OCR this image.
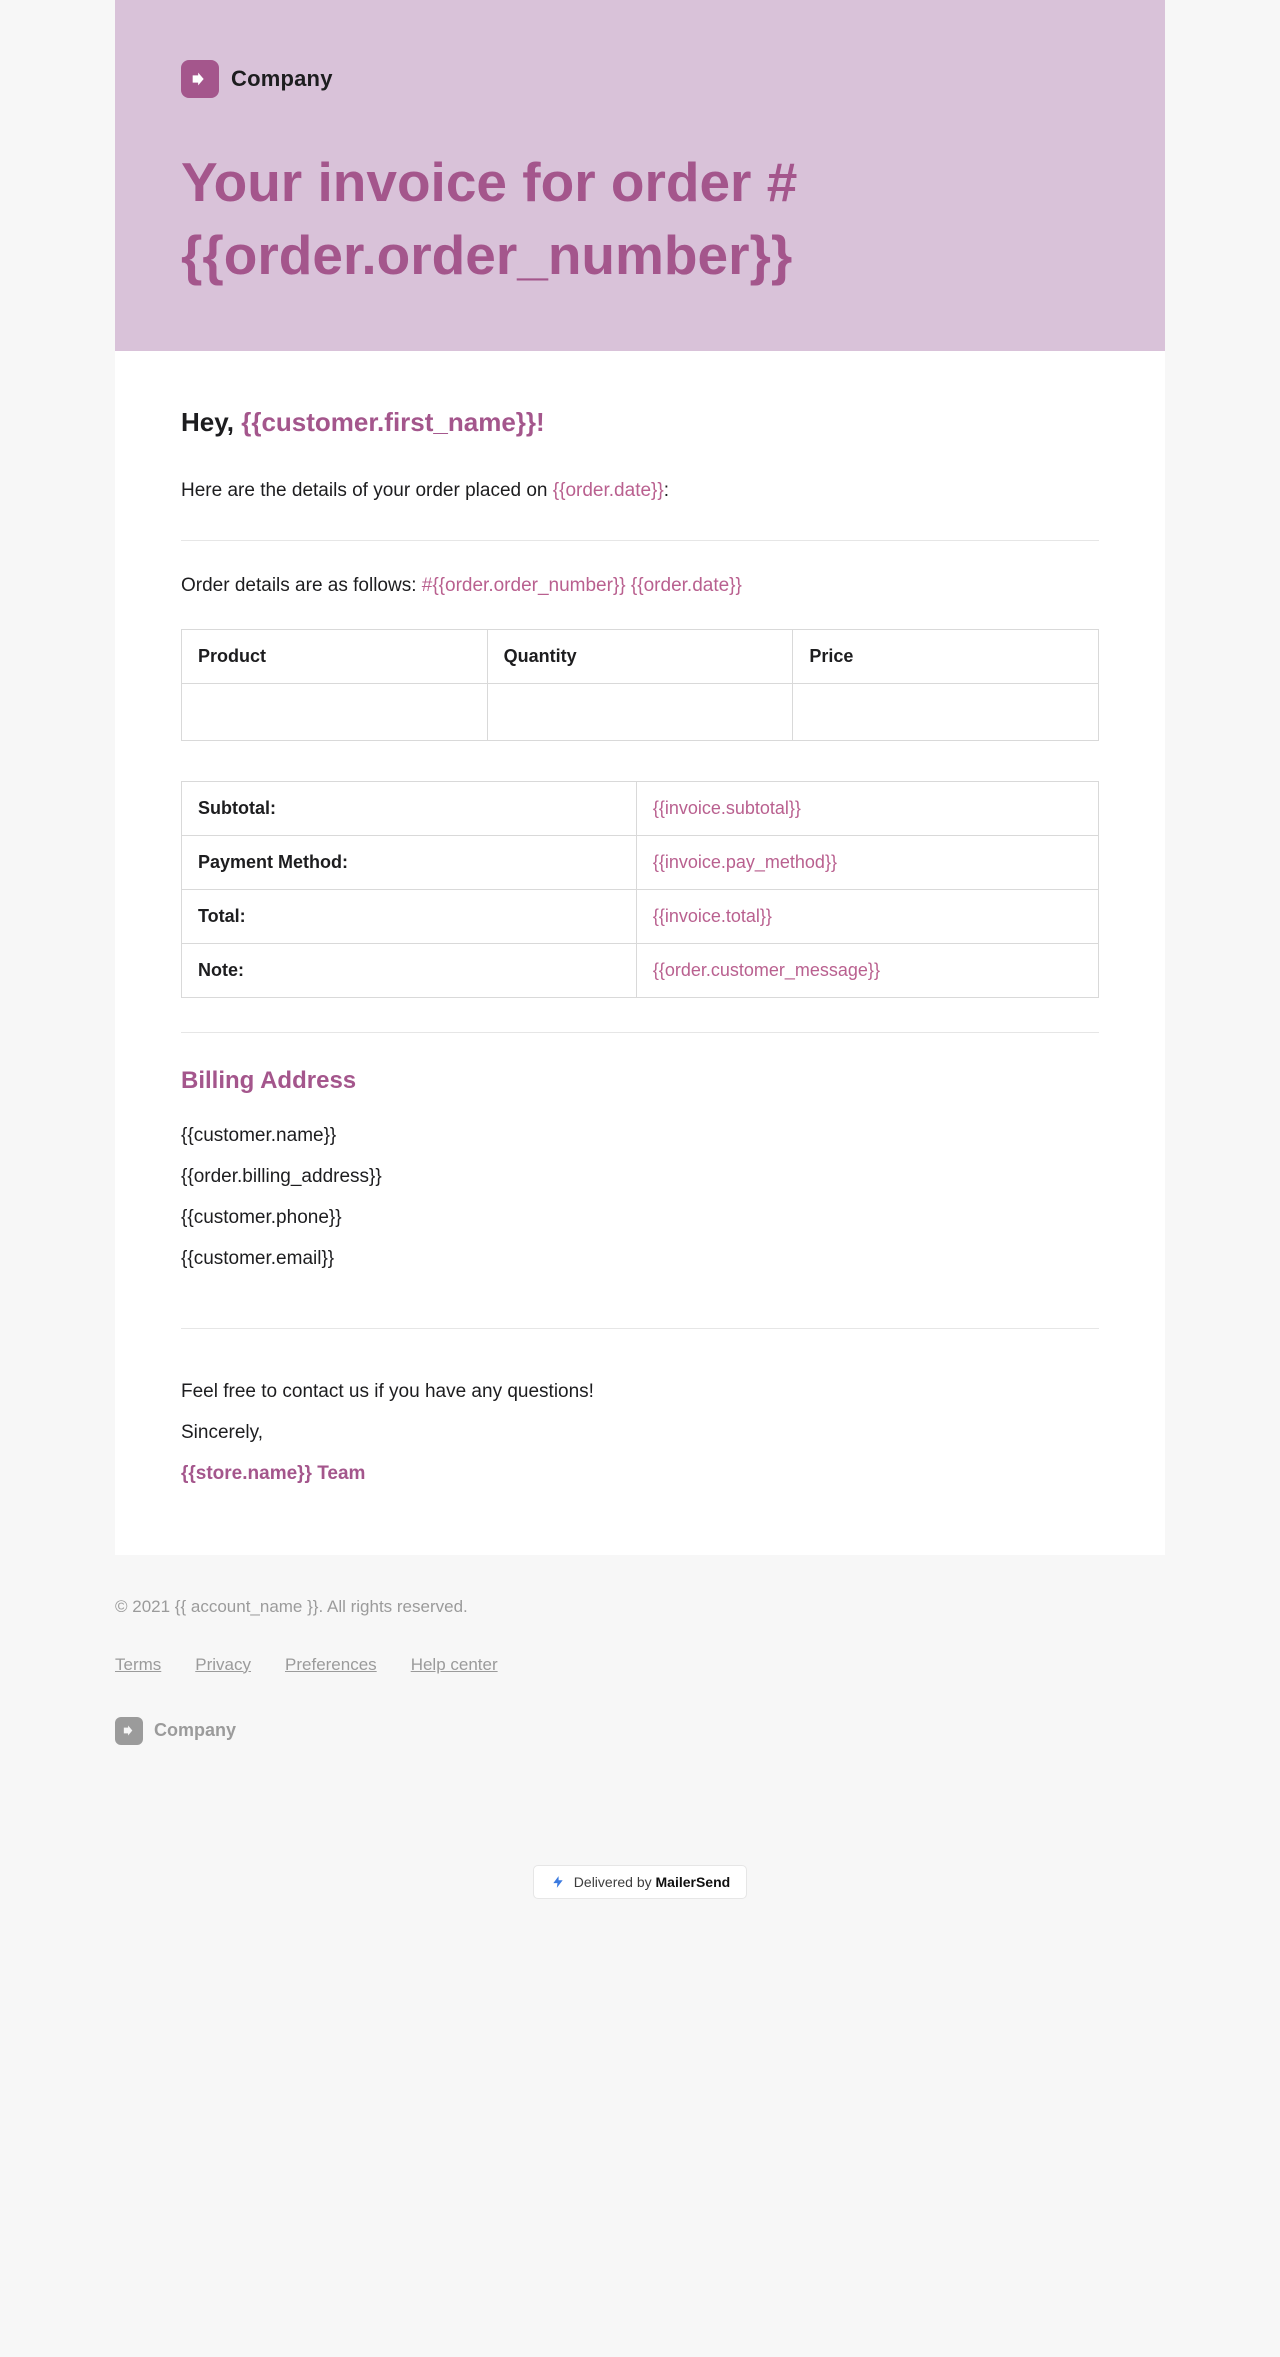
Company
Your invoice for order #{{order.order_number}}

Hey, {{customer.first_name}}!

Here are the details of your order placed on {{order.date}}:

Order details are as follows: #{{order.order_number}} {{order.date}}

Product	Quantity	Price

Subtotal:	{{invoice.subtotal}}
Payment Method:	{{invoice.pay_method}}
Total:	{{invoice.total}}
Note:	{{order.customer_message}}
Billing Address

{{customer.name}}

{{order.billing_address}}

{{customer.phone}}

{{customer.email}}

Feel free to contact us if you have any questions!

Sincerely,

{{store.name}} Team

© 2021 {{ account_name }}. All rights reserved.

Terms Privacy Preferences Help center
Company
Delivered by MailerSend
